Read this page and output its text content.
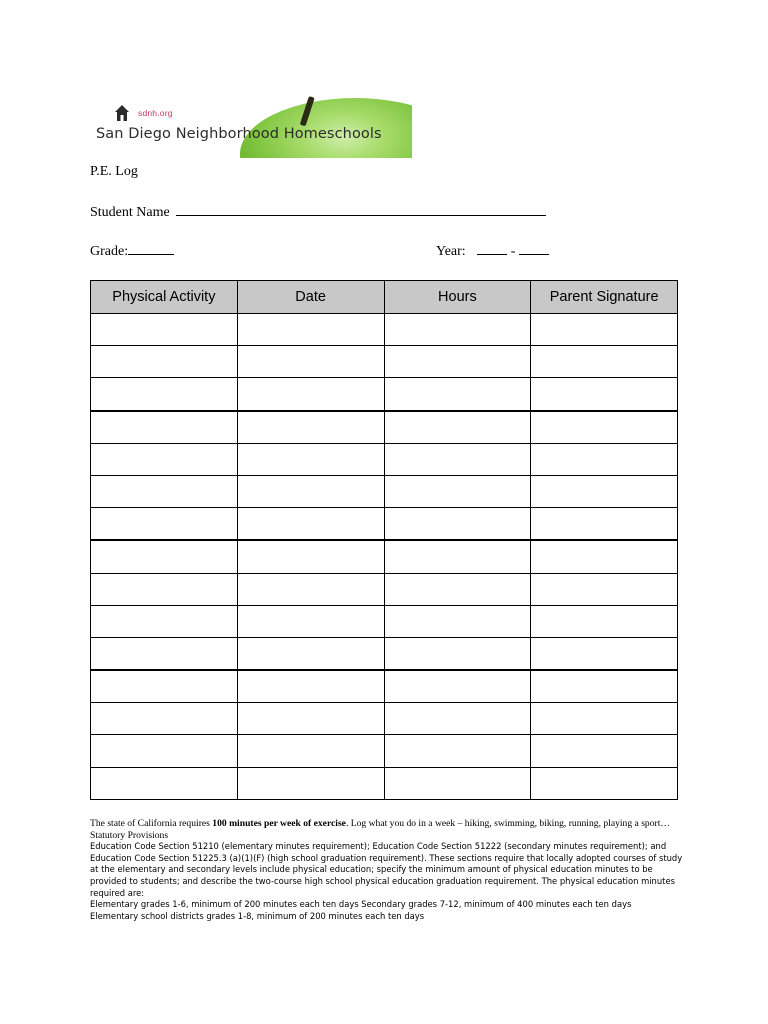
sdnh.org
San Diego Neighborhood Homeschools
P.E. Log
Student Name
Grade:	Year:	-
Physical Activity	Date	Hours	Parent Signature

The state of California requires 100 minutes per week of exercise. Log what you do in a week – hiking, swimming, biking, running, playing a sport… Statutory Provisions
Education Code Section 51210 (elementary minutes requirement); Education Code Section 51222 (secondary minutes requirement); and Education Code Section 51225.3 (a)(1)(F) (high school graduation requirement). These sections require that locally adopted courses of study at the elementary and secondary levels include physical education; specify the minimum amount of physical education minutes to be provided to students; and describe the two-course high school physical education graduation requirement. The physical education minutes required are:
Elementary grades 1-6, minimum of 200 minutes each ten days Secondary grades 7-12, minimum of 400 minutes each ten days
Elementary school districts grades 1-8, minimum of 200 minutes each ten days
